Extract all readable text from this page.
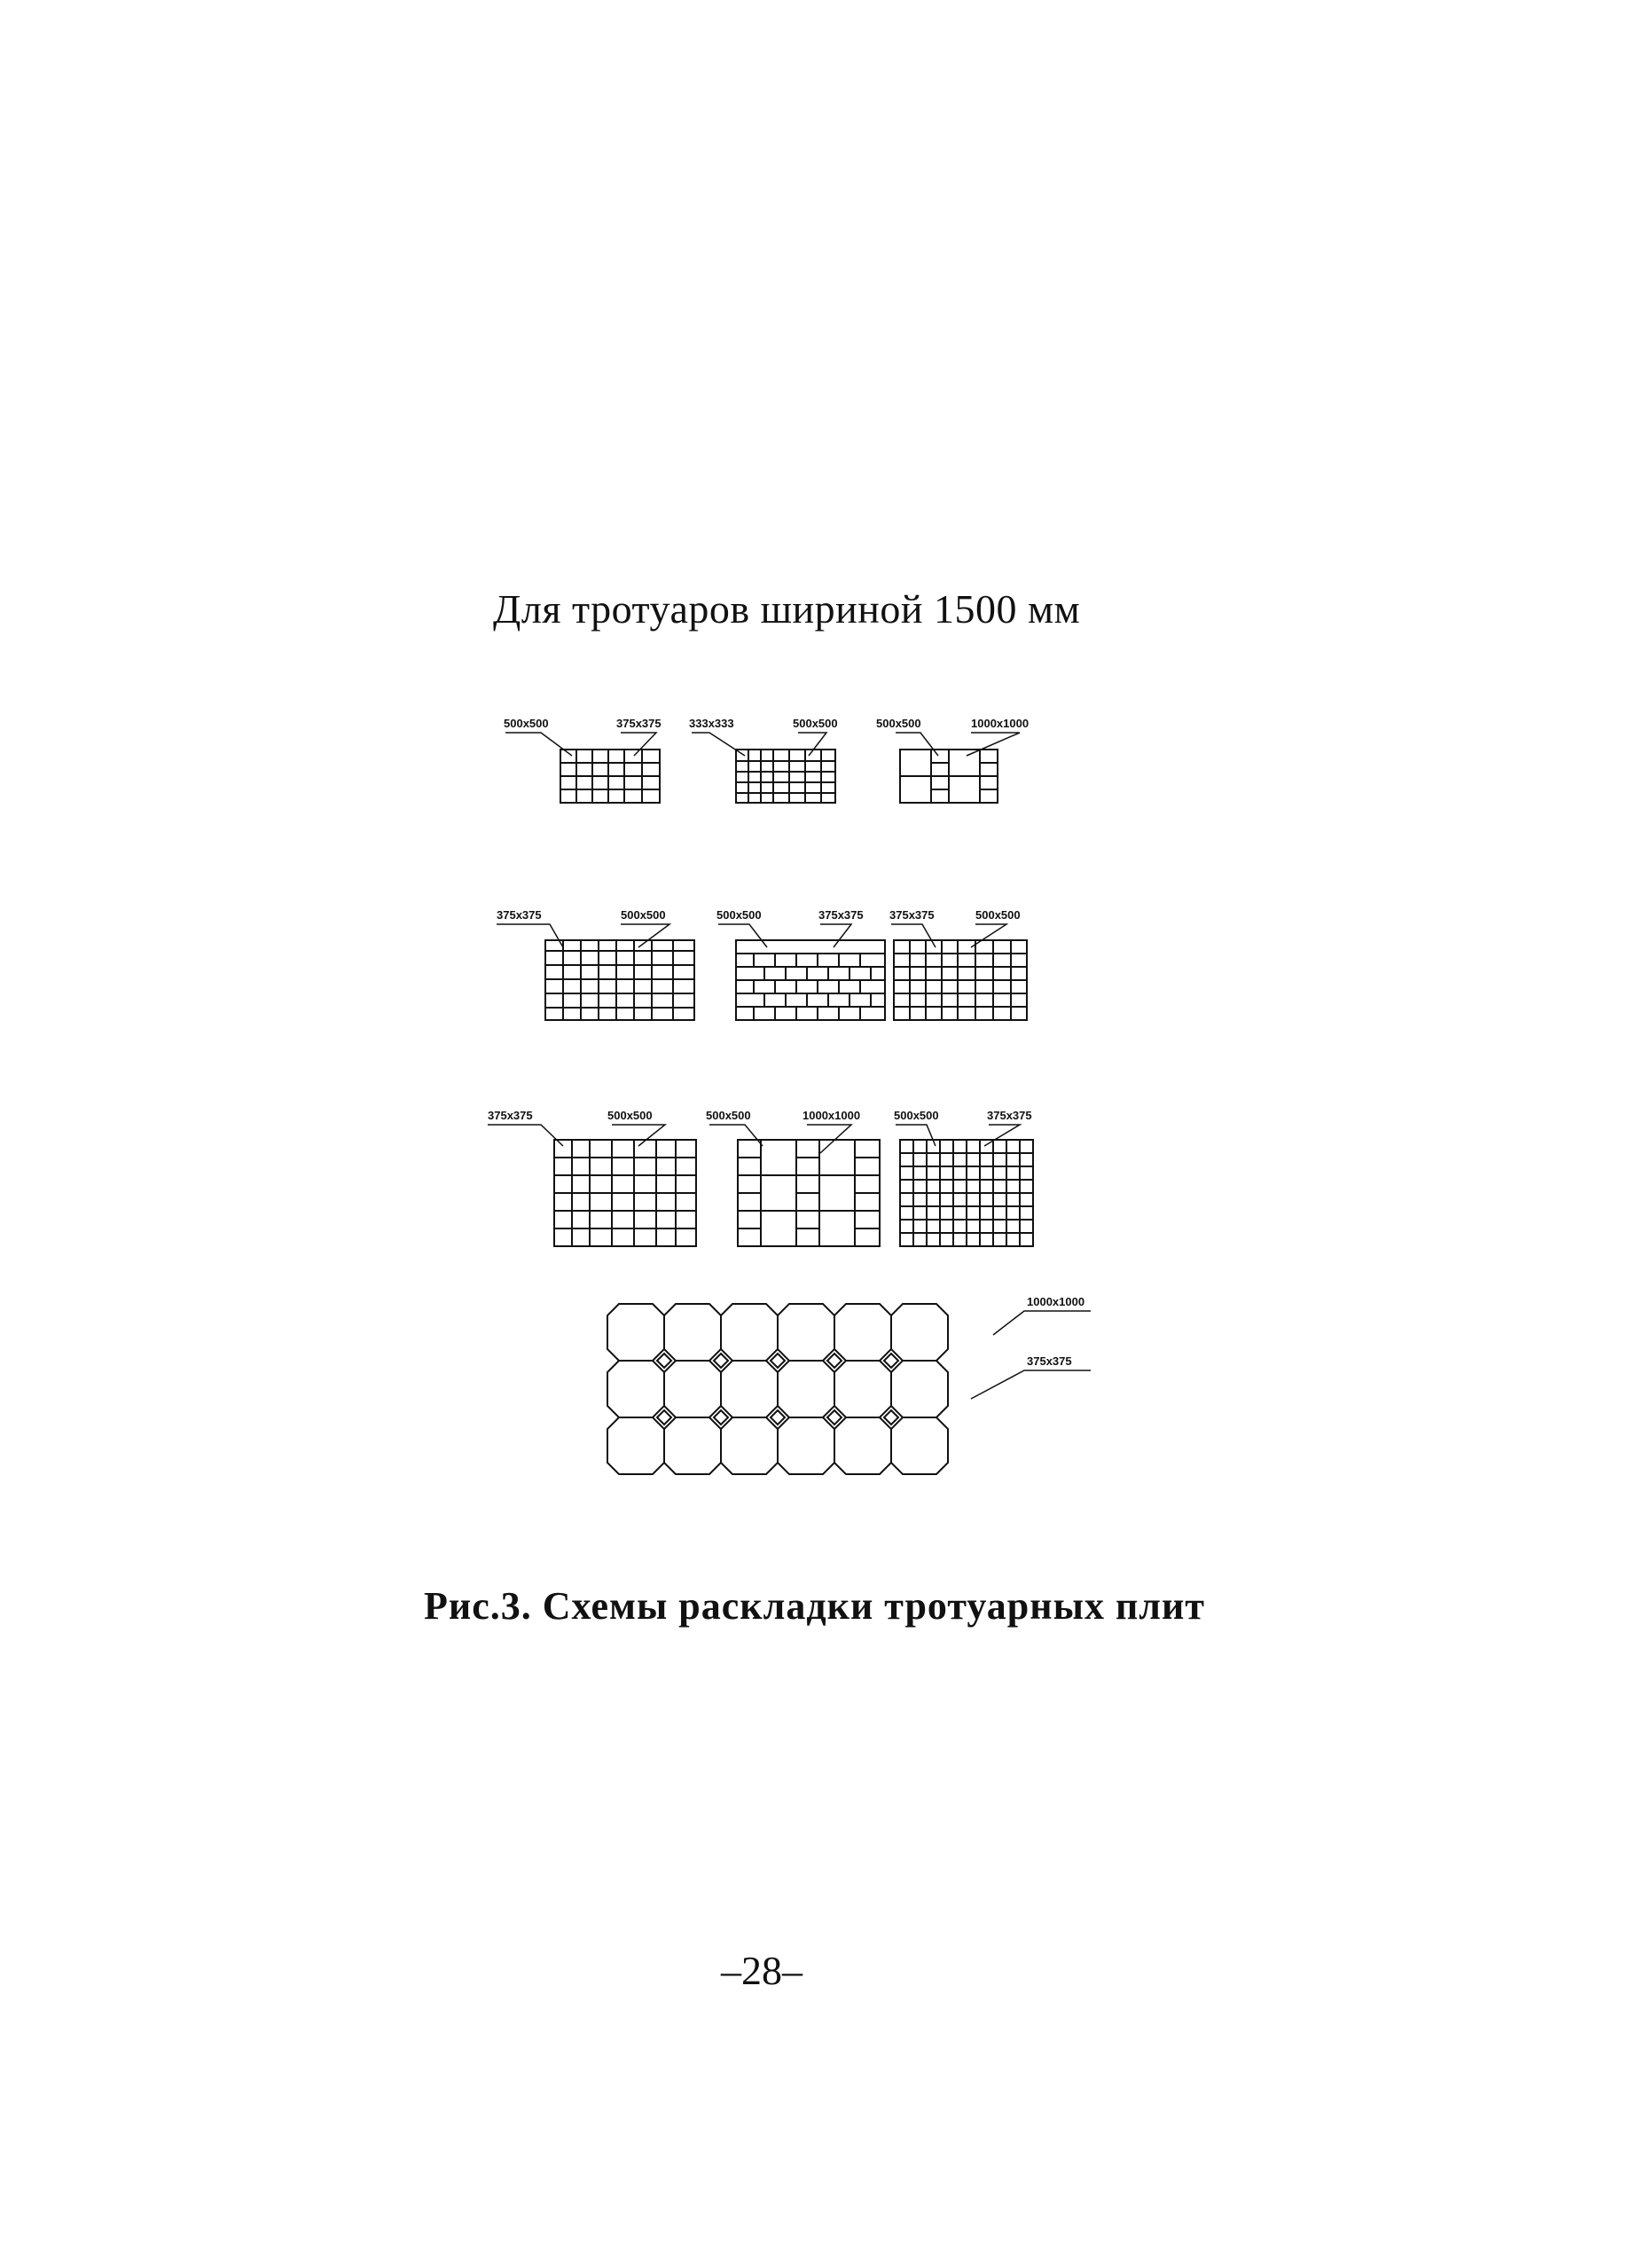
Для тротуаров шириной 1500 мм
500x500	375x375 333x333	500x500	500x500	1000x1000
375x375	500x500	500x500	375x375 375x375	500x500
375x375	500x500	500x500	1000x1000	500x500	375x375
1000x1000
375x375
Рис.3. Схемы раскладки тротуарных плит
–28–
